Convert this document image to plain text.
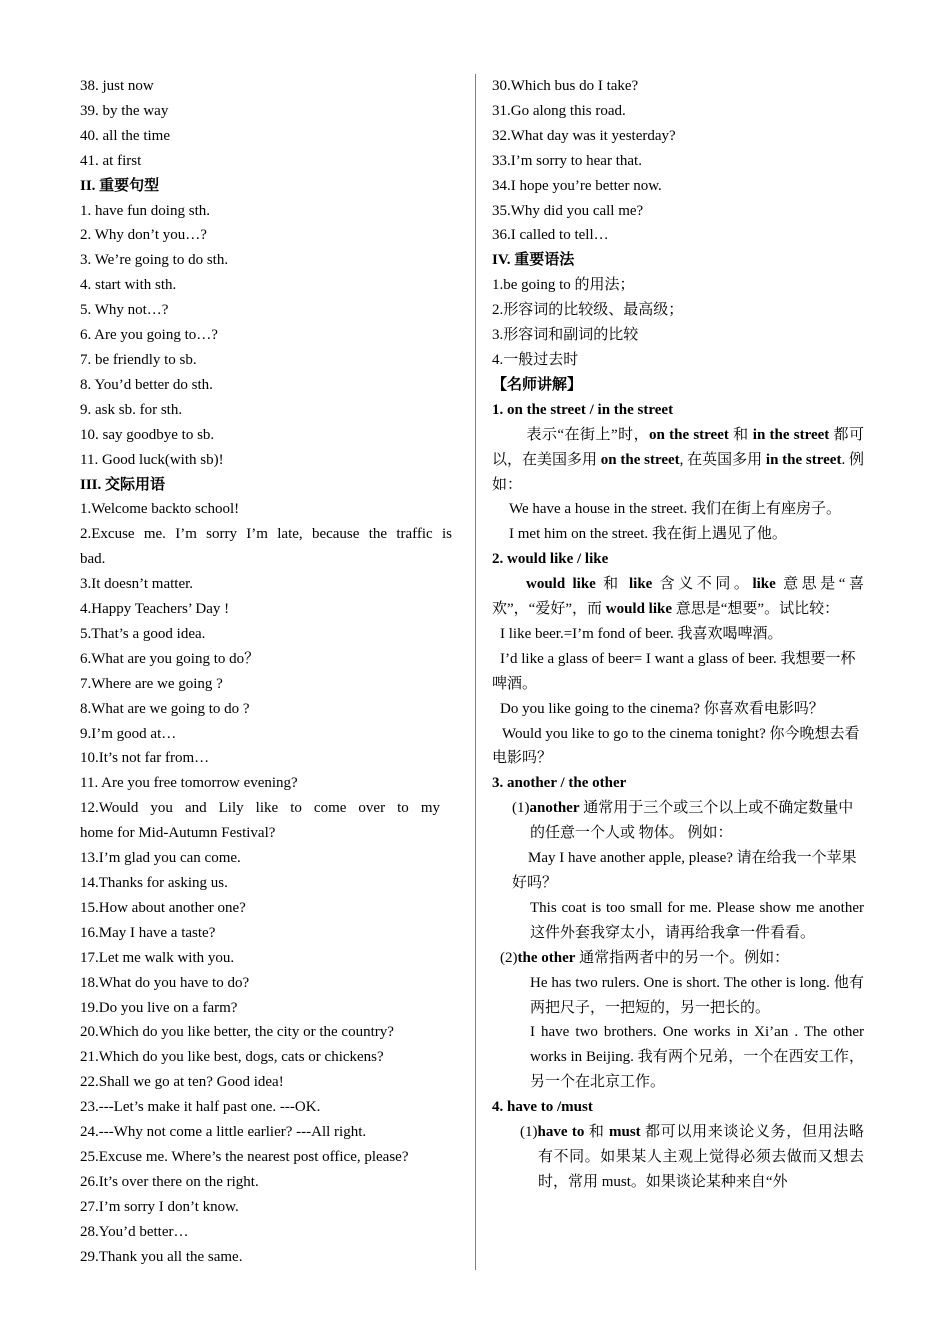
38. just now
39. by the way
40. all the time
41. at first
II. 重要句型
1. have fun doing sth.
2. Why don’t you…?
3. We’re going to do sth.
4. start with sth.
5. Why not…?
6. Are you going to…?
7. be friendly to sb.
8. You’d better do sth.
9. ask sb. for sth.
10. say goodbye to sb.
11. Good luck(with sb)!
III. 交际用语
1.Welcome backto school!
2.Excuse me. I’m sorry I’m late, because the traffic is
bad.
3.It doesn’t matter.
4.Happy Teachers’ Day !
5.That’s a good idea.
6.What are you going to do？
7.Where are we going ?
8.What are we going to do ?
9.I’m good at…
10.It’s not far from…
11. Are you free tomorrow evening?
12.Would you and Lily like to come over to my
home for Mid-Autumn Festival?
13.I’m glad you can come.
14.Thanks for asking us.
15.How about another one?
16.May I have a taste?
17.Let me walk with you.
18.What do you have to do?
19.Do you live on a farm?
20.Which do you like better, the city or the country?
21.Which do you like best, dogs, cats or chickens?
22.Shall we go at ten? Good idea!
23.---Let’s make it half past one. ---OK.
24.---Why not come a little earlier? ---All right.
25.Excuse me. Where’s the nearest post office, please?
26.It’s over there on the right.
27.I’m sorry I don’t know.
28.You’d better…
29.Thank you all the same.
30.Which bus do I take?
31.Go along this road.
32.What day was it yesterday?
33.I’m sorry to hear that.
34.I hope you’re better now.
35.Why did you call me?
36.I called to tell…
IV. 重要语法
1.be going to 的用法；
2.形容词的比较级、最高级；
3.形容词和副词的比较
4.一般过去时
【名师讲解】
1. on the street / in the street
表示“在街上”时，on the street 和 in the street 都可以，在美国多用 on the street, 在英国多用 in the street. 例如：
We have a house in the street. 我们在街上有座房子。
I met him on the street. 我在街上遇见了他。
2. would like / like
would like 和 like 含义不同。like 意思是“喜欢”，“爱好”，而 would like 意思是“想要”。试比较：
I like beer.=I’m fond of beer. 我喜欢喝啤酒。
I’d like a glass of beer= I want a glass of beer. 我想要一杯啤酒。
Do you like going to the cinema? 你喜欢看电影吗？
Would you like to go to the cinema tonight? 你今晚想去看电影吗？
3. another / the other
(1)another 通常用于三个或三个以上或不确定数量中的任意一个人或 物体。 例如：
May I have another apple, please? 请在给我一个苹果好吗？
This coat is too small for me. Please show me another 这件外套我穿太小，请再给我拿一件看看。
(2)the other 通常指两者中的另一个。例如：
He has two rulers. One is short. The other is long. 他有两把尺子，一把短的，另一把长的。
I have two brothers. One works in Xi’an . The other works in Beijing. 我有两个兄弟，一个在西安工作，另一个在北京工作。
4. have to /must
(1)have to 和 must 都可以用来谈论义务，但用法略有不同。如果某人主观上觉得必须去做而又想去时，常用 must。如果谈论某种来自“外
